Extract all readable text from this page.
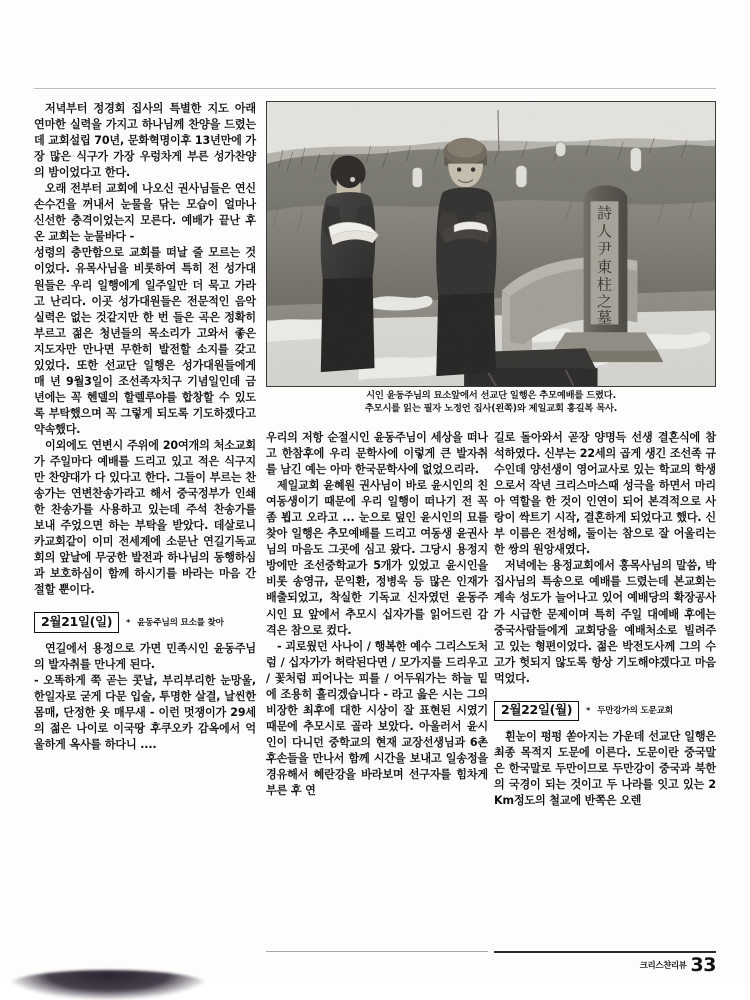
詩
人
尹
東
柱
之
墓
시인 윤동주님의 묘소앞에서 선교단 일행은 추모예배를 드렸다.
추모시를 읽는 필자 노정언 집사(왼쪽)와 제일교회 홍길복 목사.

저녁부터 정경회 집사의 특별한 지도 아래 연마한 실력을 가지고 하나님께 찬양을 드렸는데 교회설립 70년, 문화혁명이후 13년만에 가장 많은 식구가 가장 우렁차게 부른 성가찬양의 밤이었다고 한다.

오래 전부터 교회에 나오신 권사님들은 연신 손수건을 꺼내서 눈물을 닦는 모습이 얼마나 신선한 충격이었는지 모른다. 예배가 끝난 후 온 교회는 눈물바다 -

성령의 충만함으로 교회를 떠날 줄 모르는 것이었다. 유목사님을 비롯하여 특히 전 성가대원들은 우리 일행에게 일주일만 더 묵고 가라고 난리다. 이곳 성가대원들은 전문적인 음악실력은 없는 것같지만 한 번 들은 곡은 정확히 부르고 젊은 청년들의 목소리가 고와서 좋은 지도자만 만나면 무한히 발전할 소지를 갖고 있었다. 또한 선교단 일행은 성가대원들에게 매 년 9월3일이 조선족자치구 기념일인데 금년에는 꼭 헨델의 할렐루야를 합창할 수 있도록 부탁했으며 꼭 그렇게 되도록 기도하겠다고 약속했다.

이외에도 연변시 주위에 20여개의 처소교회가 주일마다 예배를 드리고 있고 적은 식구지만 찬양대가 다 있다고 한다. 그들이 부르는 찬송가는 연변찬송가라고 해서 중국정부가 인쇄한 찬송가를 사용하고 있는데 주석 찬송가를 보내 주었으면 하는 부탁을 받았다. 데살로니카교회같이 이미 전세계에 소문난 연길기독교회의 앞날에 무궁한 발전과 하나님의 동행하심과 보호하심이 함께 하시기를 바라는 마음 간절할 뿐이다.

2월21일(일)	* 윤동주님의 묘소를 찾아

연길에서 용정으로 가면 민족시인 윤동주님의 발자취를 만나게 된다.

- 오똑하게 쭉 곧는 콧날, 부리부리한 눈망울, 한일자로 굳게 다문 입술, 투명한 살결, 날씬한 몸매, 단정한 옷 매무새 - 이런 멋쟁이가 29세의 젊은 나이로 이국땅 후쿠오카 감옥에서 억울하게 옥사를 하다니 ....

우리의 저항 순절시인 윤동주님이 세상을 떠나고 한참후에 우리 문학사에 이렇게 큰 발자취를 남긴 예는 아마 한국문학사에 없었으리라.

제일교회 윤혜원 권사님이 바로 윤시인의 친여동생이기 때문에 우리 일행이 떠나기 전 꼭 좀 뵙고 오라고 ... 눈으로 덮인 윤시인의 묘를 찾아 일행은 추모예배를 드리고 여동생 윤권사님의 마음도 그곳에 심고 왔다. 그당시 용정지방에만 조선중학교가 5개가 있었고 윤시인을 비롯 송영규, 문익환, 정병욱 등 많은 인재가 배출되었고, 착실한 기독교 신자였던 윤동주 시인 묘 앞에서 추모시 십자가를 읽어드린 감격은 참으로 컸다.

- 괴로웠던 사나이 / 행복한 예수 그리스도처럼 / 십자가가 허락된다면 / 모가지를 드리우고 / 꽃처럼 피어나는 피를 / 어두워가는 하늘 밑에 조용히 흘리겠습니다 - 라고 읊은 시는 그의 비장한 최후에 대한 시상이 잘 표현된 시였기 때문에 추모시로 골라 보았다. 아울러서 윤시인이 다니던 중학교의 현재 교장선생님과 6촌 후손들을 만나서 함께 시간을 보내고 일송정을 경유해서 혜란강을 바라보며 선구자를 힘차게 부른 후 연

길로 돌아와서 곧장 양명득 선생 결혼식에 참석하였다. 신부는 22세의 곱게 생긴 조선족 규수인데 양선생이 영어교사로 있는 학교의 학생으로서 작년 크리스마스때 성극을 하면서 마리아 역할을 한 것이 인연이 되어 본격적으로 사랑이 싹트기 시작, 결혼하게 되었다고 했다. 신부 이름은 전성해, 둘이는 참으로 잘 어울리는 한 쌍의 원앙새였다.

저녁에는 용정교회에서 홍목사님의 말씀, 박집사님의 특송으로 예배를 드렸는데 본교회는 계속 성도가 늘어나고 있어 예배당의 확장공사가 시급한 문제이며 특히 주일 대예배 후에는 중국사람들에게 교회당을 예배처소로 빌려주고 있는 형편이었다. 젊은 박전도사께 그의 수고가 헛되지 않도록 항상 기도해야겠다고 마음 먹었다.

2월22일(월)	* 두만강가의 도문교회

흰눈이 펑펑 쏟아지는 가운데 선교단 일행은 최종 목적지 도문에 이른다. 도문이란 중국말은 한국말로 두만이므로 두만강이 중국과 북한의 국경이 되는 것이고 두 나라를 잇고 있는 2Km정도의 철교에 반쪽은 오렌

크리스챤리뷰 33
